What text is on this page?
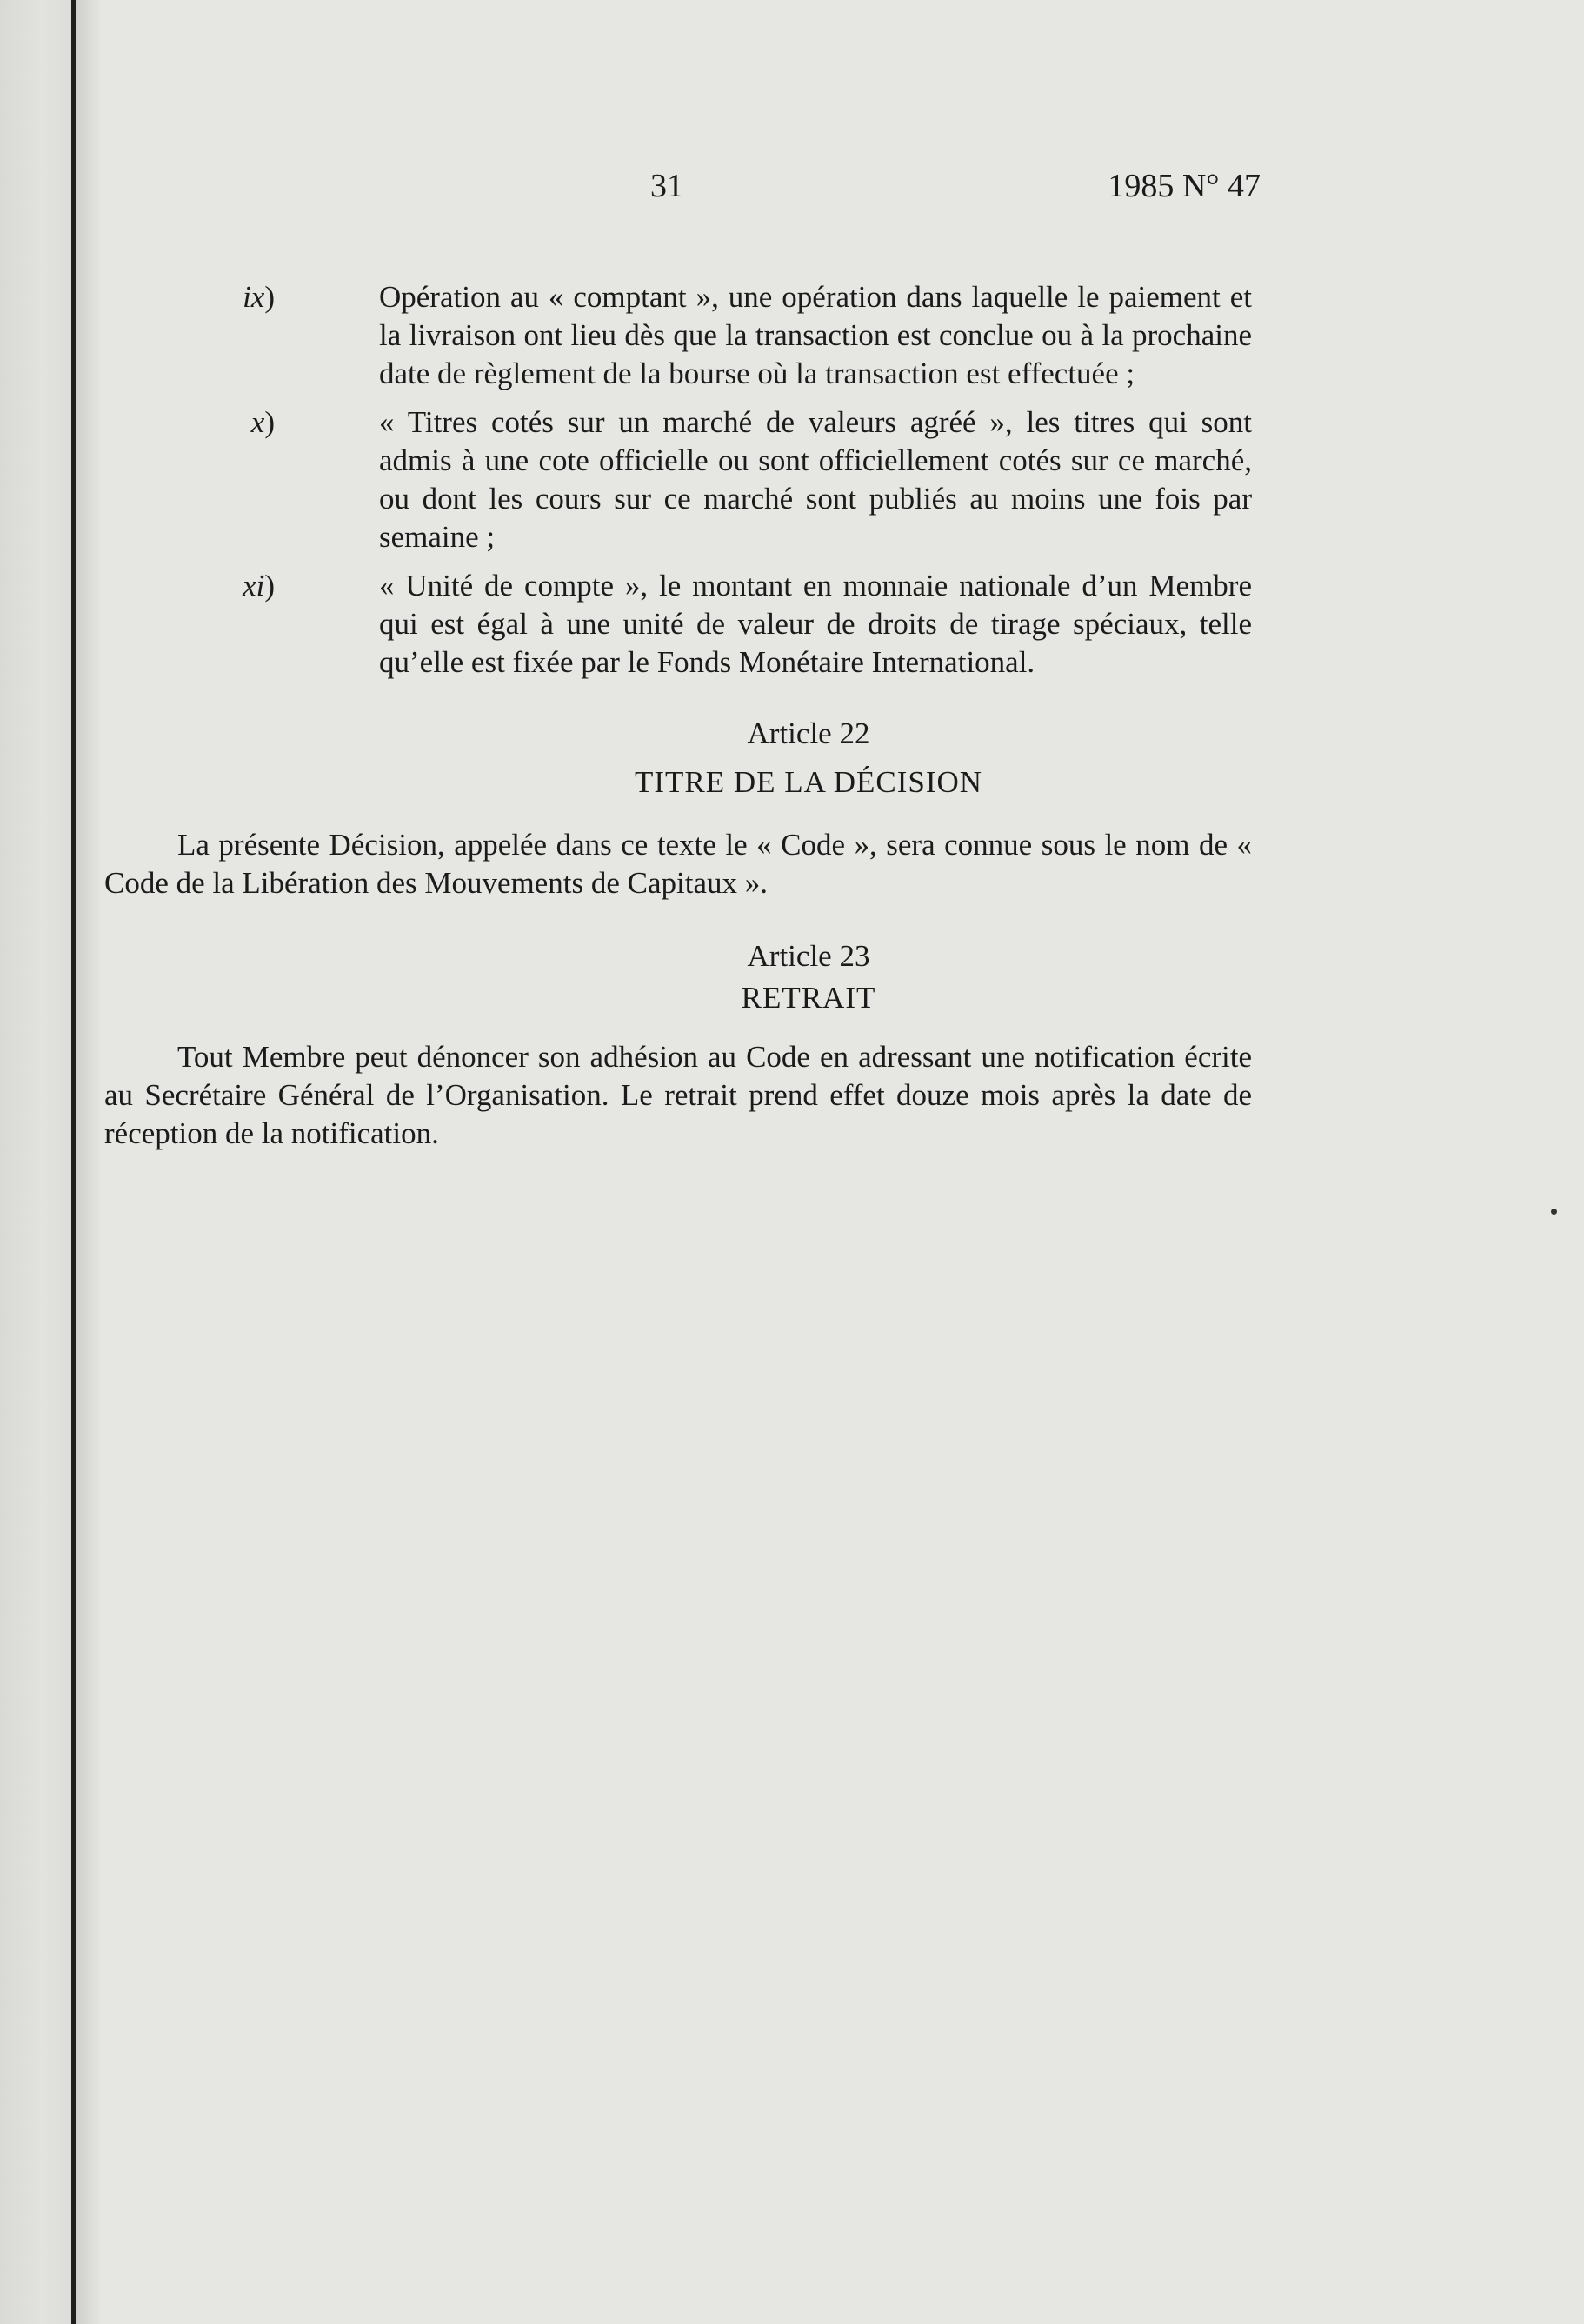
31	1985 N° 47
ix)	Opération au « comptant », une opération dans laquelle le paiement et la livraison ont lieu dès que la transaction est conclue ou à la prochaine date de règlement de la bourse où la transaction est effectuée ;

x)	« Titres cotés sur un marché de valeurs agréé », les titres qui sont admis à une cote officielle ou sont officiellement cotés sur ce marché, ou dont les cours sur ce marché sont publiés au moins une fois par semaine ;

xi)	« Unité de compte », le montant en monnaie nationale d’un Membre qui est égal à une unité de valeur de droits de tirage spéciaux, telle qu’elle est fixée par le Fonds Monétaire International.

Article 22
TITRE DE LA DÉCISION
La présente Décision, appelée dans ce texte le « Code », sera connue sous le nom de « Code de la Libération des Mouvements de Capitaux ».
Article 23
RETRAIT
Tout Membre peut dénoncer son adhésion au Code en adressant une notification écrite au Secrétaire Général de l’Organisation. Le retrait prend effet douze mois après la date de réception de la notification.
